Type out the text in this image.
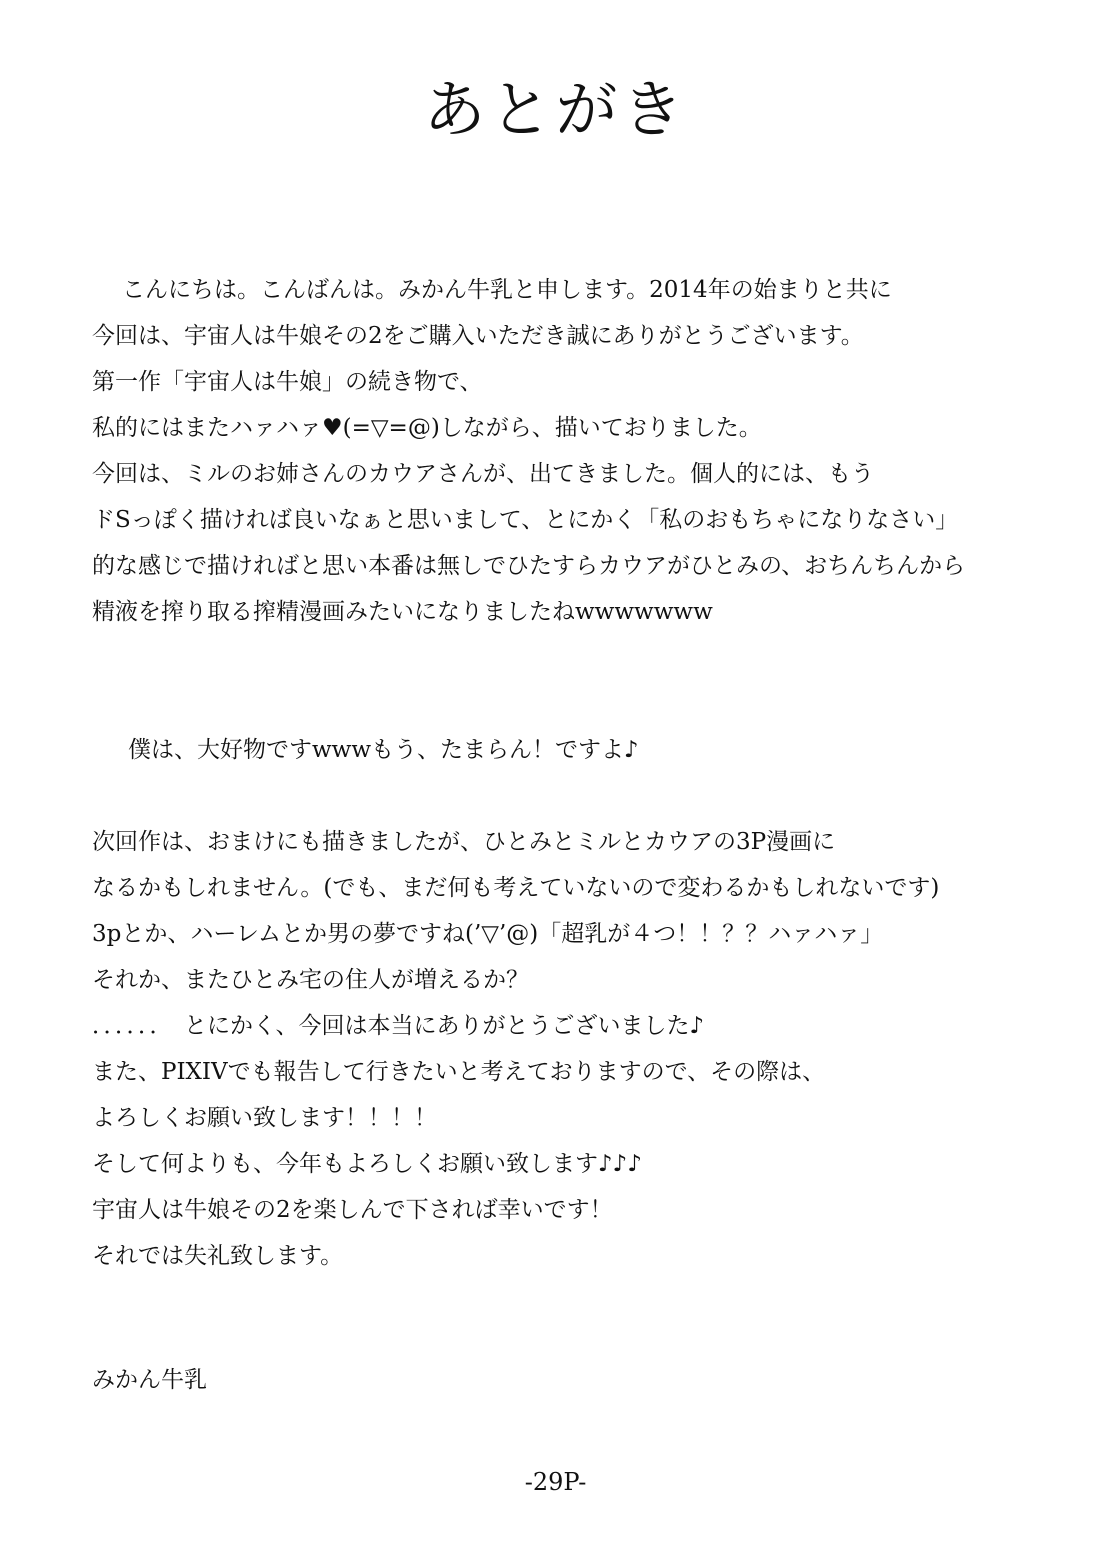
あとがき
こんにちは。こんばんは。みかん牛乳と申します。2014年の始まりと共に
今回は、宇宙人は牛娘その2をご購入いただき誠にありがとうございます。
第一作「宇宙人は牛娘」の続き物で、
私的にはまたハァハァ♥(=▽=@)しながら、描いておりました。
今回は、ミルのお姉さんのカウアさんが、出てきました。個人的には、もう
ドSっぽく描ければ良いなぁと思いまして、とにかく「私のおもちゃになりなさい」
的な感じで描ければと思い本番は無しでひたすらカウアがひとみの、おちんちんから
精液を搾り取る搾精漫画みたいになりましたねwwwwwww
僕は、大好物ですwwwもう、たまらん！ですよ♪
次回作は、おまけにも描きましたが、ひとみとミルとカウアの3P漫画に
なるかもしれません。(でも、まだ何も考えていないので変わるかもしれないです)
3pとか、ハーレムとか男の夢ですね(’▽’@)「超乳が４つ！！？？ハァハァ」
それか、またひとみ宅の住人が増えるか？
．．．．．．　とにかく、今回は本当にありがとうございました♪
また、PIXIVでも報告して行きたいと考えておりますので、その際は、
よろしくお願い致します！！！！
そして何よりも、今年もよろしくお願い致します♪♪♪
宇宙人は牛娘その2を楽しんで下されば幸いです！
それでは失礼致します。
みかん牛乳
-29P-
